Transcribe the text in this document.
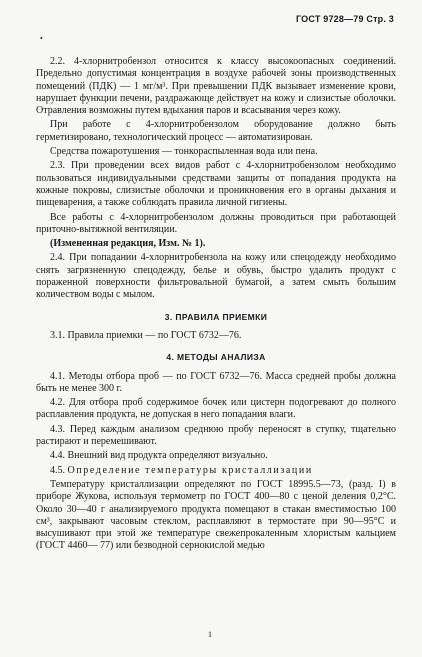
ГОСТ 9728—79 Стр. 3
•

2.2. 4-хлорнитробензол относится к классу высокоопасных соединений. Предельно допустимая концентрация в воздухе рабочей зоны производственных помещений (ПДК) — 1 мг/м³. При превышении ПДК вызывает изменение крови, нарушает функции печени, раздражающе действует на кожу и слизистые оболочки. Отравления возможны путем вдыхания паров и всасывания через кожу.

При работе с 4-хлорнитробензолом оборудование должно быть герметизировано, технологический процесс — автоматизирован.

Средства пожаротушения — тонкораспыленная вода или пена.

2.3. При проведении всех видов работ с 4-хлорнитробензолом необходимо пользоваться индивидуальными средствами защиты от попадания продукта на кожные покровы, слизистые оболочки и проникновения его в органы дыхания и пищеварения, а также соблюдать правила личной гигиены.

Все работы с 4-хлорнитробензолом должны проводиться при работающей приточно-вытяжной вентиляции.

(Измененная редакция, Изм. № 1).

2.4. При попадании 4-хлорнитробензола на кожу или спецодежду необходимо снять загрязненную спецодежду, белье и обувь, быстро удалить продукт с пораженной поверхности фильтровальной бумагой, а затем смыть большим количеством воды с мылом.

3. ПРАВИЛА ПРИЕМКИ

3.1. Правила приемки — по ГОСТ 6732—76.

4. МЕТОДЫ АНАЛИЗА

4.1. Методы отбора проб — по ГОСТ 6732—76. Масса средней пробы должна быть не менее 300 г.

4.2. Для отбора проб содержимое бочек или цистерн подогревают до полного расплавления продукта, не допуская в него попадания влаги.

4.3. Перед каждым анализом среднюю пробу переносят в ступку, тщательно растирают и перемешивают.

4.4. Внешний вид продукта определяют визуально.

4.5. Определение температуры кристаллизации

Температуру кристаллизации определяют по ГОСТ 18995.5—73, (разд. I) в приборе Жукова, используя термометр по ГОСТ 400—80 с ценой деления 0,2°С. Около 30—40 г анализируемого продукта помещают в стакан вместимостью 100 см³, закрывают часовым стеклом, расплавляют в термостате при 90—95°С и высушивают при этой же температуре свежепрокаленным хлористым кальцием (ГОСТ 4460— 77) или безводной сернокислой медью

1
